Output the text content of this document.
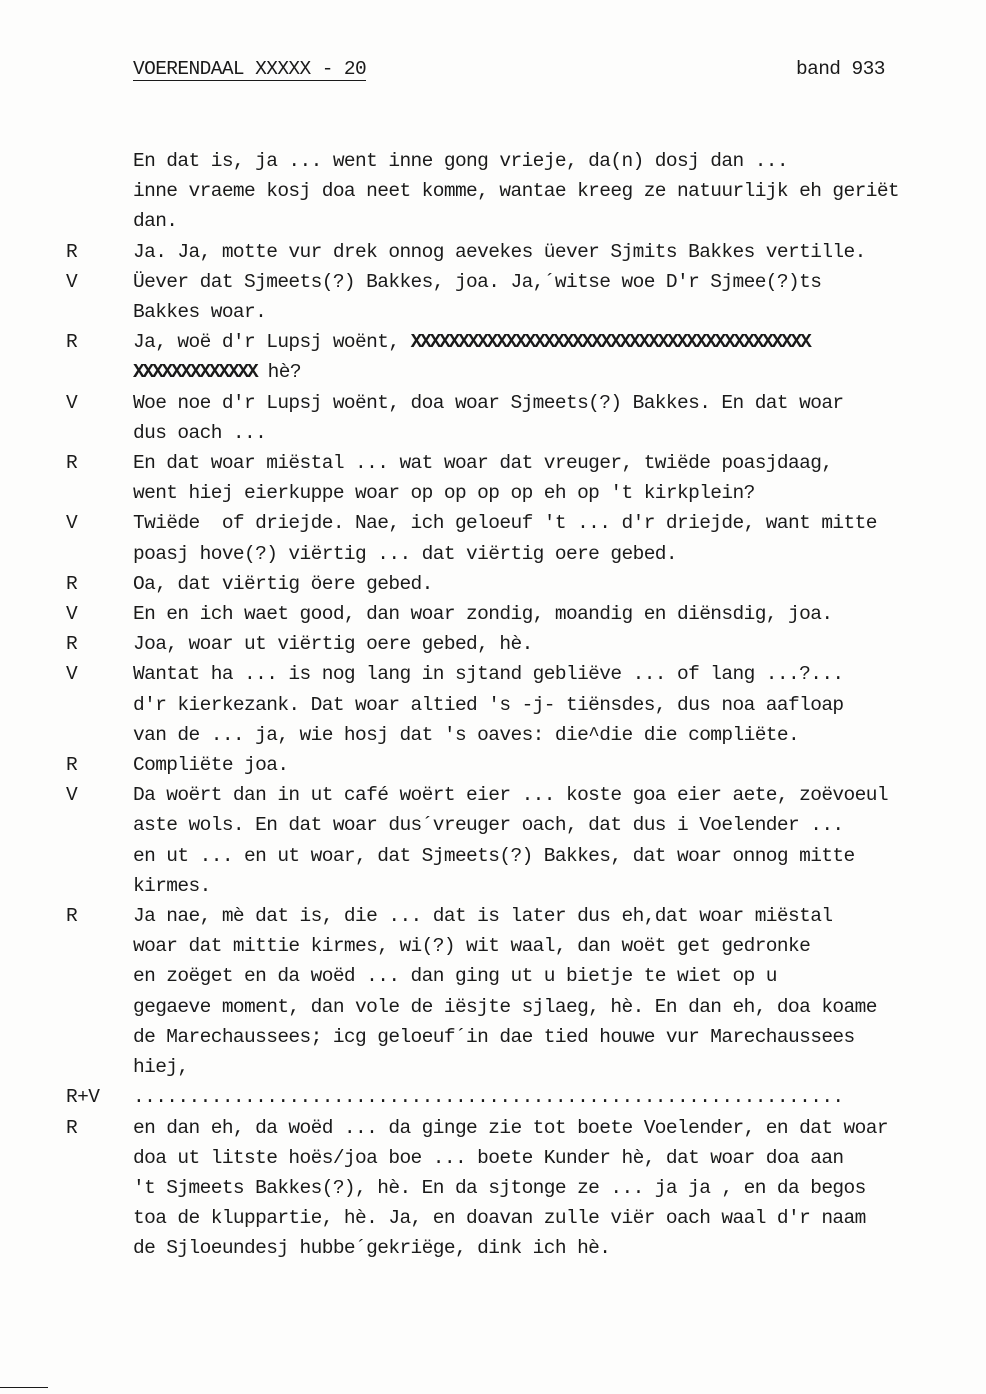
VOERENDAAL XXXXX - 20	band 933
En dat is, ja ... went inne gong vrieje, da(n) dosj dan ...
inne vraeme kosj doa neet komme, wantae kreeg ze natuurlijk eh geriët
dan.
R	Ja. Ja, motte vur drek onnog aevekes üever Sjmits Bakkes vertille.
V	Üever dat Sjmeets(?) Bakkes, joa. Ja,´witse woe D'r Sjmee(?)ts
Bakkes woar.
R	Ja, woë d'r Lupsj woënt, XXXXXXXXXXXXXXXXXXXXXXXXXXXXXXXXXXXXXXXXXX
XXXXXXXXXXXXX hè?
V	Woe noe d'r Lupsj woënt, doa woar Sjmeets(?) Bakkes. En dat woar
dus oach ...
R	En dat woar miëstal ... wat woar dat vreuger, twiëde poasjdaag,
went hiej eierkuppe woar op op op op eh op 't kirkplein?
V	Twiëde  of driejde. Nae, ich geloeuf 't ... d'r driejde, want mitte
poasj hove(?) viërtig ... dat viërtig oere gebed.
R	Oa, dat viërtig öere gebed.
V	En en ich waet good, dan woar zondig, moandig en diënsdig, joa.
R	Joa, woar ut viërtig oere gebed, hè.
V	Wantat ha ... is nog lang in sjtand gebliëve ... of lang ...?...
d'r kierkezank. Dat woar altied 's -j- tiënsdes, dus noa aafloap
van de ... ja, wie hosj dat 's oaves: die^die die compliëte.
R	Compliëte joa.
V	Da woërt dan in ut café woërt eier ... koste goa eier aete, zoëvoeul
aste wols. En dat woar dus´vreuger oach, dat dus i Voelender ...
en ut ... en ut woar, dat Sjmeets(?) Bakkes, dat woar onnog mitte
kirmes.
R	Ja nae, mè dat is, die ... dat is later dus eh,dat woar miëstal
woar dat mittie kirmes, wi(?) wit waal, dan woët get gedronke
en zoëget en da woëd ... dan ging ut u bietje te wiet op u
gegaeve moment, dan vole de iësjte sjlaeg, hè. En dan eh, doa koame
de Marechaussees; icg geloeuf´in dae tied houwe vur Marechaussees
hiej,
R+V ................................................................
R	en dan eh, da woëd ... da ginge zie tot boete Voelender, en dat woar
doa ut litste hoës/joa boe ... boete Kunder hè, dat woar doa aan
't Sjmeets Bakkes(?), hè. En da sjtonge ze ... ja ja , en da begos
toa de kluppartie, hè. Ja, en doavan zulle viër oach waal d'r naam
de Sjloeundesj hubbe´gekriëge, dink ich hè.
